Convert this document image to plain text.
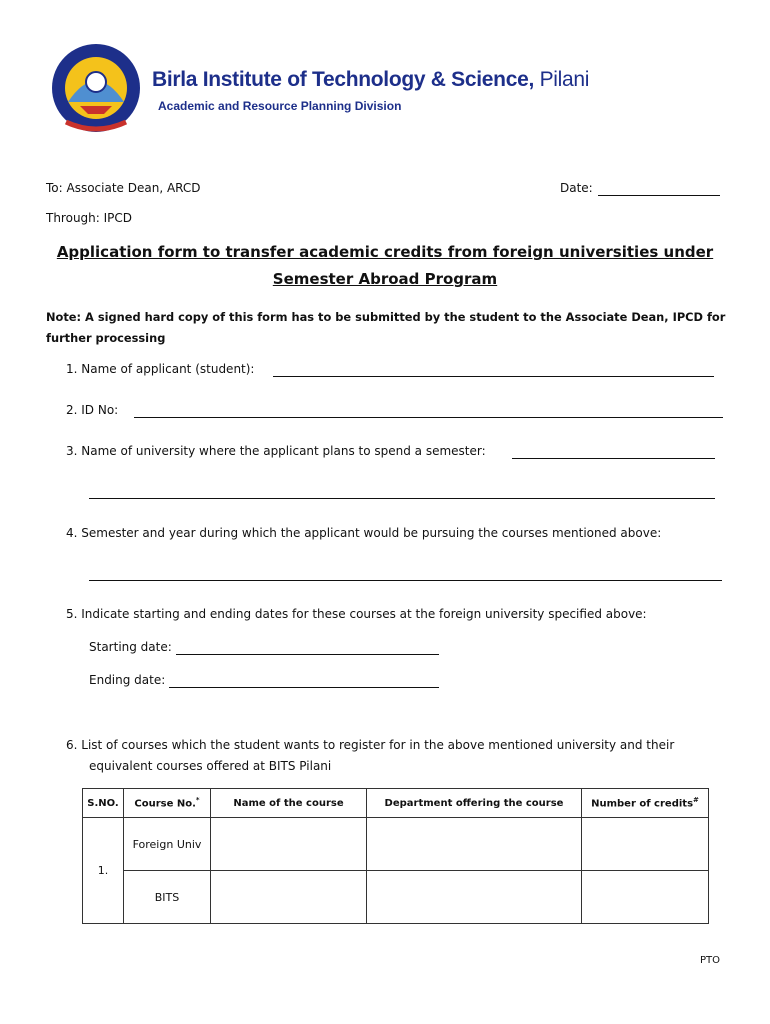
Birla Institute of Technology & Science, Pilani
Academic and Resource Planning Division
To: Associate Dean, ARCD	Date:
Through: IPCD
Application form to transfer academic credits from foreign universities under
Semester Abroad Program
Note: A signed hard copy of this form has to be submitted by the student to the Associate Dean, IPCD for further processing
1. Name of applicant (student):
2. ID No:
3. Name of university where the applicant plans to spend a semester:
4. Semester and year during which the applicant would be pursuing the courses mentioned above:
5. Indicate starting and ending dates for these courses at the foreign university specified above:
Starting date:
Ending date:
6. List of courses which the student wants to register for in the above mentioned university and their
equivalent courses offered at BITS Pilani
S.NO.	Course No.*	Name of the course	Department offering the course	Number of credits#
1.	Foreign Univ			
	BITS			
PTO
